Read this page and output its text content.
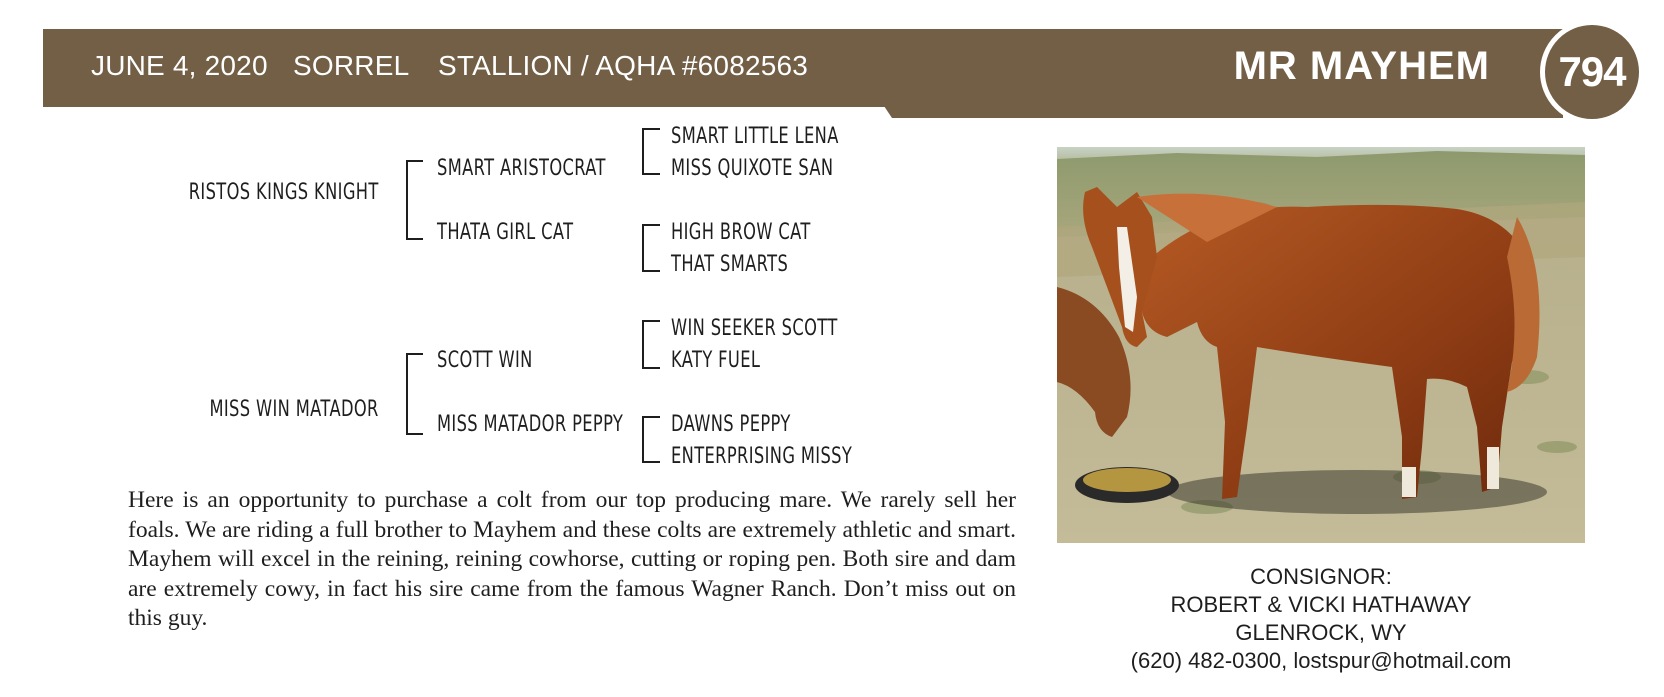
JUNE 4, 2020 SORREL STALLION / AQHA #6082563	MR MAYHEM 794
RISTOS KINGS KNIGHT
MISS WIN MATADOR
SMART ARISTOCRAT
THATA GIRL CAT
SCOTT WIN
MISS MATADOR PEPPY
SMART LITTLE LENA
MISS QUIXOTE SAN
HIGH BROW CAT
THAT SMARTS
WIN SEEKER SCOTT
KATY FUEL
DAWNS PEPPY
ENTERPRISING MISSY

Here is an opportunity to purchase a colt from our top producing mare. We rarely sell her foals. We are riding a full brother to Mayhem and these colts are extremely athletic and smart. Mayhem will excel in the reining, reining cowhorse, cutting or roping pen. Both sire and dam are extremely cowy, in fact his sire came from the famous Wagner Ranch. Don’t miss out on this guy.

CONSIGNOR:
ROBERT & VICKI HATHAWAY
GLENROCK, WY
(620) 482-0300, lostspur@hotmail.com
